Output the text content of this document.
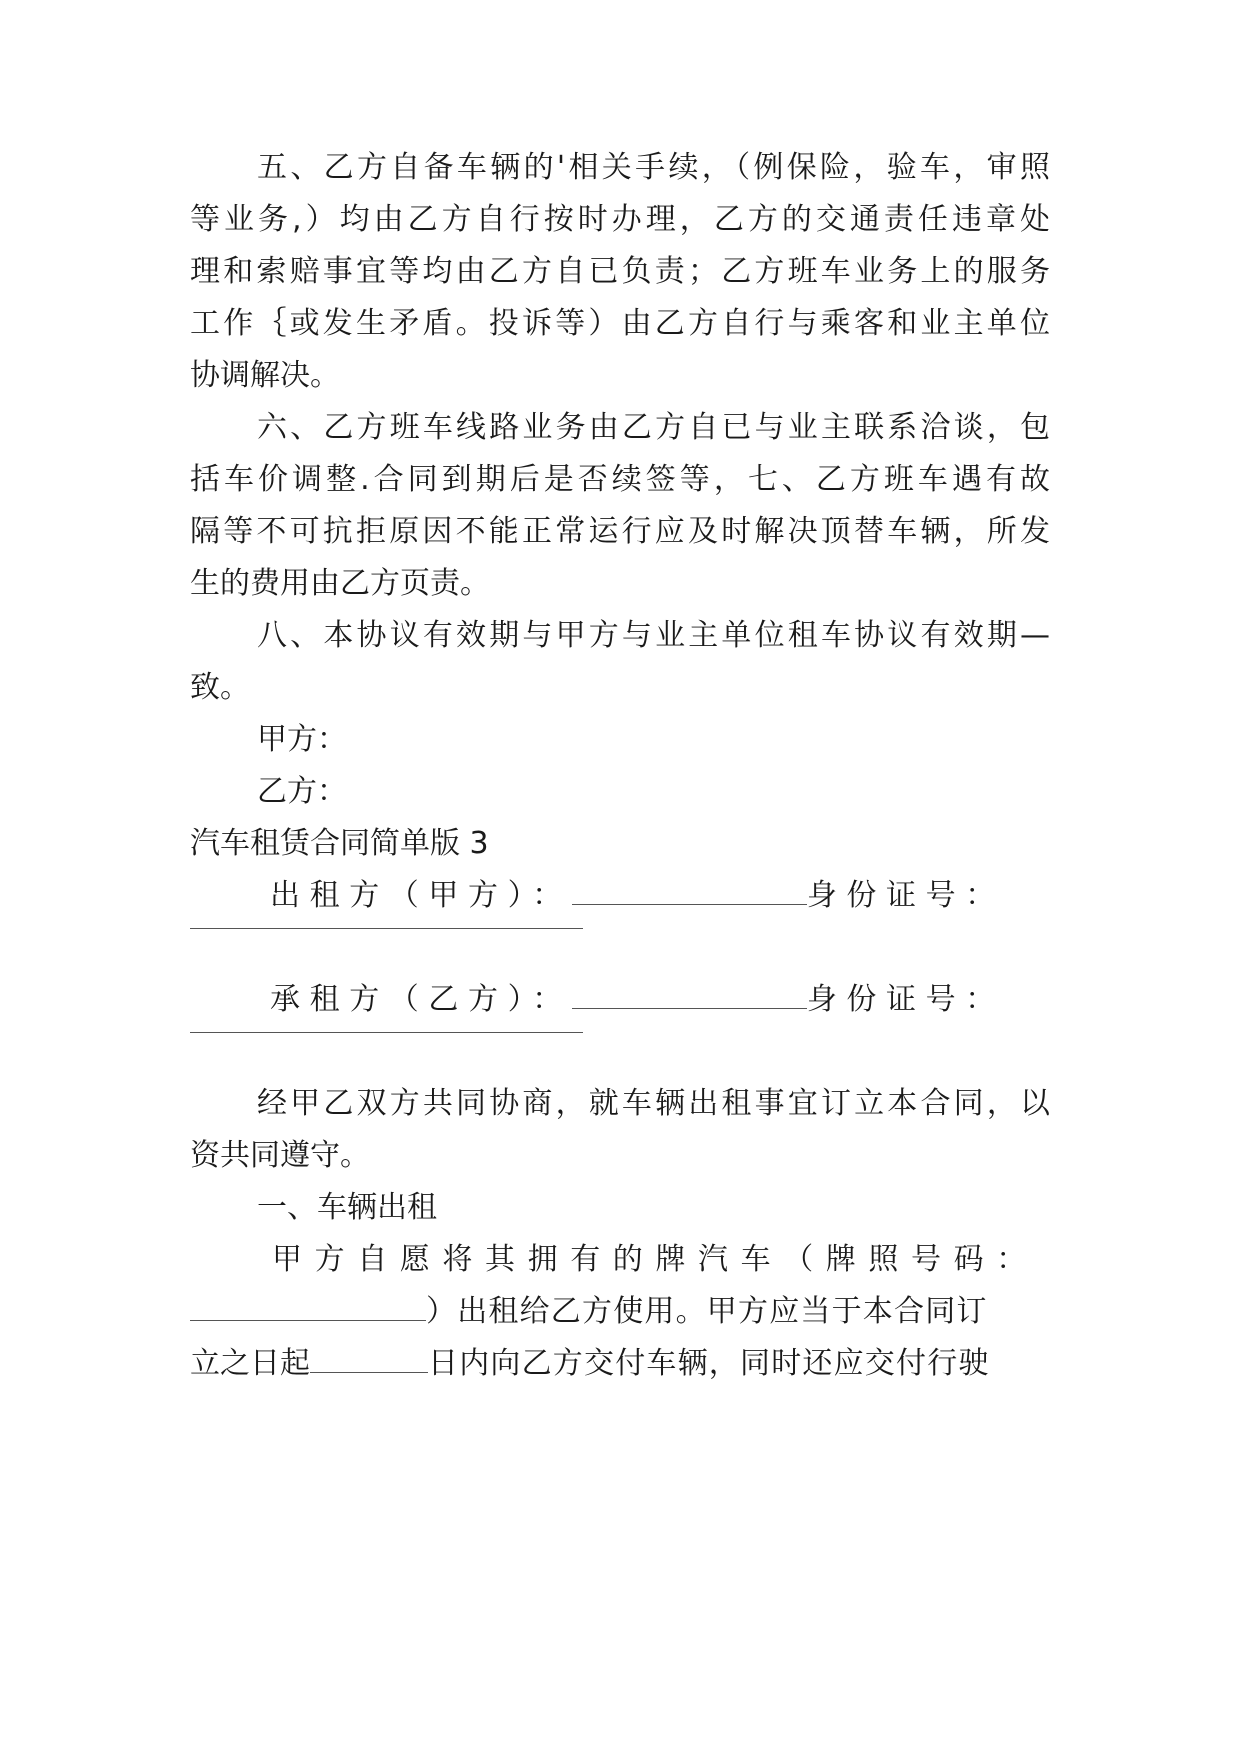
五、乙方自备车辆的'相关手续，（例保险，验车，审照
等业务,）均由乙方自行按时办理，乙方的交通责任违章处
理和索赔事宜等均由乙方自已负责；乙方班车业务上的服务
工作｛或发生矛盾。投诉等）由乙方自行与乘客和业主单位
协调解决。
六、乙方班车线路业务由乙方自已与业主联系洽谈，包
括车价调整.合同到期后是否续签等，七、乙方班车遇有故
隔等不可抗拒原因不能正常运行应及时解决顶替车辆，所发
生的费用由乙方页责。
八、本协议有效期与甲方与业主单位租车协议有效期—
致。
甲方：
乙方：
汽车租赁合同简单版 3
出租方（甲方）：	身份证号：
承租方（乙方）：	身份证号：
经甲乙双方共同协商，就车辆出租事宜订立本合同，以
资共同遵守。
一、车辆出租
甲方自愿将其拥有的牌汽车（牌照号码：
）出租给乙方使用。甲方应当于本合同订
立之日起	日内向乙方交付车辆，同时还应交付行驶
